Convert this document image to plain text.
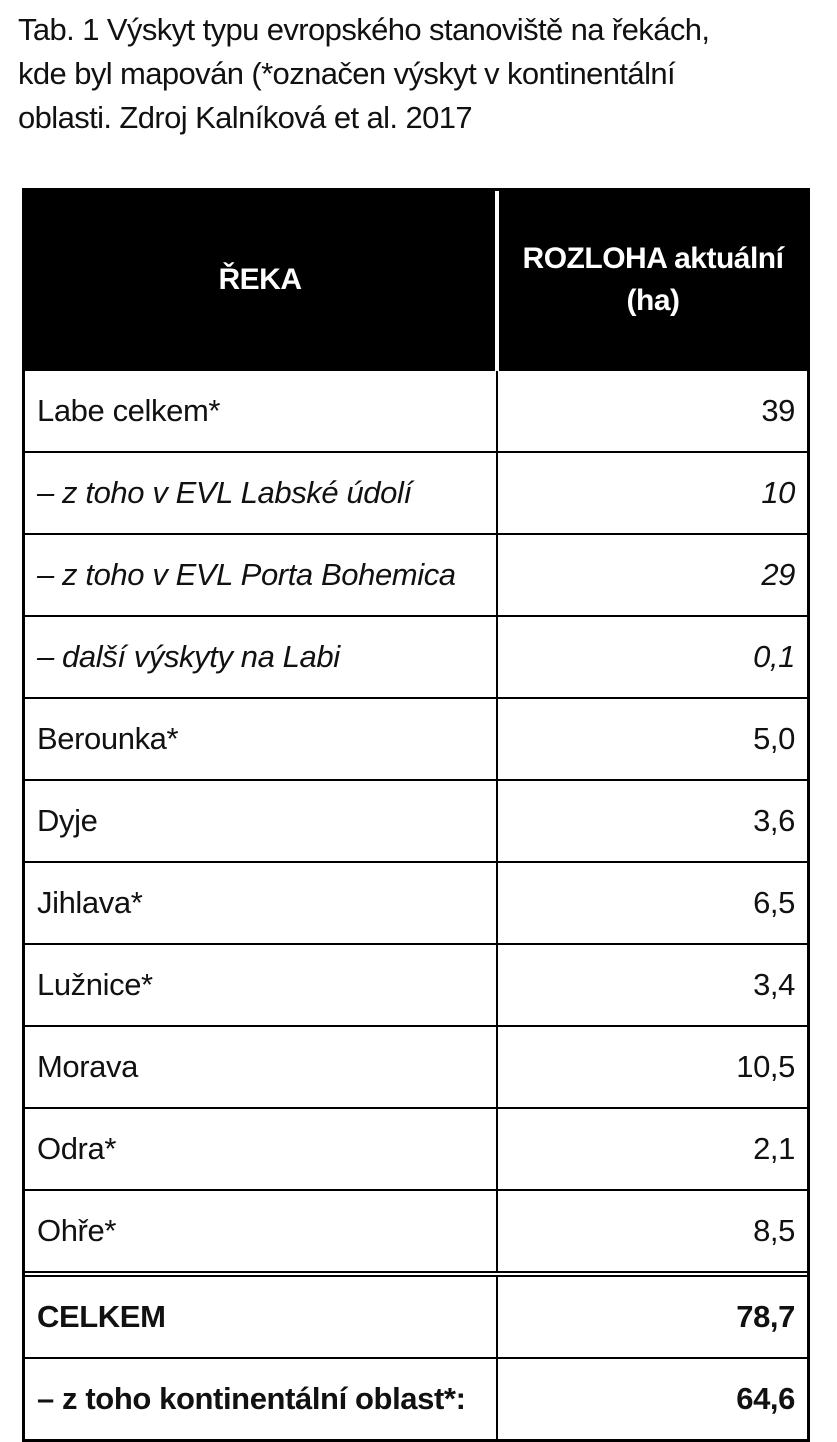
Tab. 1 Výskyt typu evropského stanoviště na řekách,
kde byl mapován (*označen výskyt v kontinentální
oblasti. Zdroj Kalníková et al. 2017
ŘEKA	ROZLOHA aktuální
(ha)

Labe celkem*	39
– z toho v EVL Labské údolí	10
– z toho v EVL Porta Bohemica	29
– další výskyty na Labi	0,1
Berounka*	5,0
Dyje	3,6
Jihlava*	6,5
Lužnice*	3,4
Morava	10,5
Odra*	2,1
Ohře*	8,5
CELKEM	78,7
– z toho kontinentální oblast*:	64,6
